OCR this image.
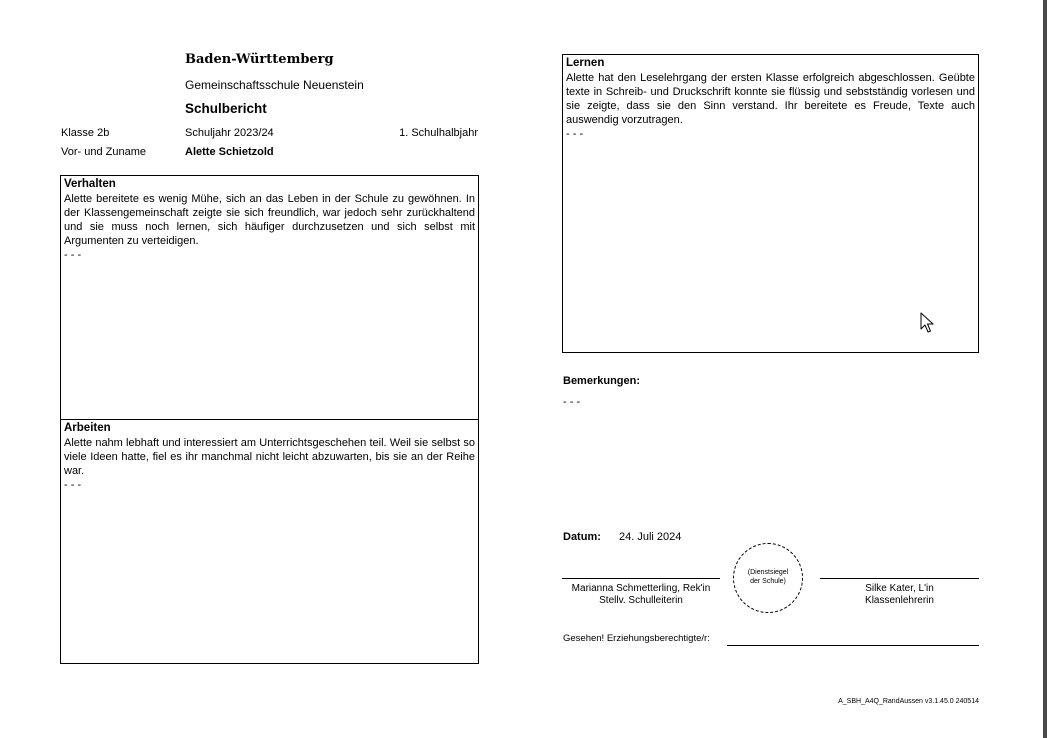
Baden-Württemberg
Gemeinschaftsschule Neuenstein
Schulbericht
Klasse 2b	Schuljahr 2023/24	1. Schulhalbjahr
Vor- und Zuname	Alette Schietzold
Verhalten

Alette bereitete es wenig Mühe, sich an das Leben in der Schule zu gewöhnen. In der Klassengemeinschaft zeigte sie sich freundlich, war jedoch sehr zurückhaltend und sie muss noch lernen, sich häufiger durchzusetzen und sich selbst mit Argumenten zu verteidigen.

- - -

Arbeiten

Alette nahm lebhaft und interessiert am Unterrichtsgeschehen teil. Weil sie selbst so viele Ideen hatte, fiel es ihr manchmal nicht leicht abzuwarten, bis sie an der Reihe war.

- - -

Lernen

Alette hat den Leselehrgang der ersten Klasse erfolgreich abgeschlossen. Geübte texte in Schreib- und Druckschrift konnte sie flüssig und sebstständig vorlesen und sie zeigte, dass sie den Sinn verstand. Ihr bereitete es Freude, Texte auch auswendig vorzutragen.

- - -

Bemerkungen:
- - -
Datum: 24. Juli 2024
(Dienstsiegel
der Schule)
Marianna Schmetterling, Rek'in
Stellv. Schulleiterin
Silke Kater, L'in
Klassenlehrerin
Gesehen! Erziehungsberechtigte/r:
A_SBH_A4Q_RandAussen v3.1.45.0 240514
